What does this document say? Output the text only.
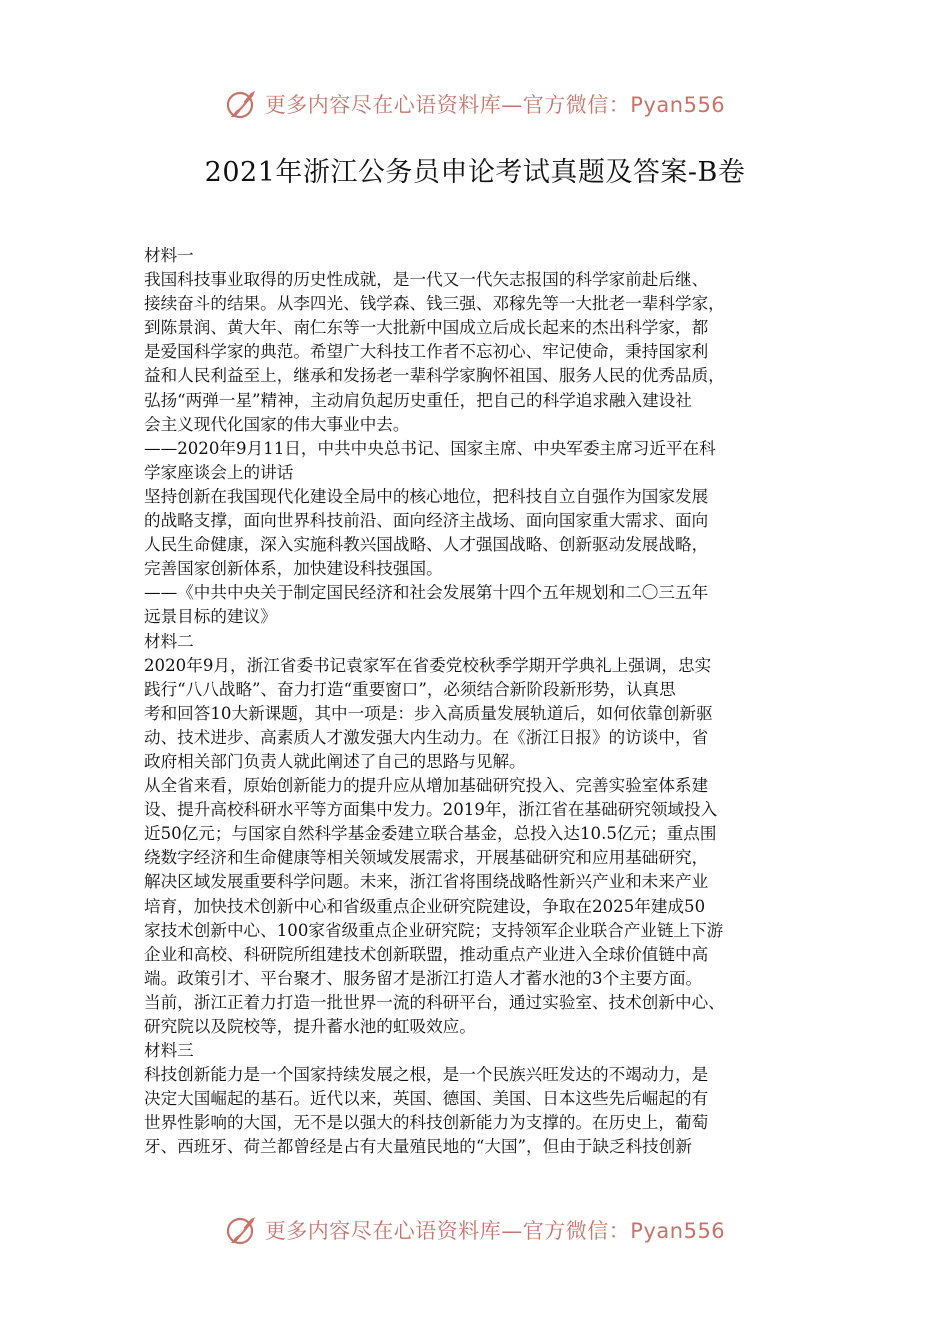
更多内容尽在心语资料库—官方微信：Pyan556
2021年浙江公务员申论考试真题及答案-B卷
材料一
我国科技事业取得的历史性成就，是一代又一代矢志报国的科学家前赴后继、
接续奋斗的结果。从李四光、钱学森、钱三强、邓稼先等一大批老一辈科学家，
到陈景润、黄大年、南仁东等一大批新中国成立后成长起来的杰出科学家，都
是爱国科学家的典范。希望广大科技工作者不忘初心、牢记使命，秉持国家利
益和人民利益至上，继承和发扬老一辈科学家胸怀祖国、服务人民的优秀品质，
弘扬“两弹一星”精神，主动肩负起历史重任，把自己的科学追求融入建设社
会主义现代化国家的伟大事业中去。
——2020年9月11日，中共中央总书记、国家主席、中央军委主席习近平在科
学家座谈会上的讲话
坚持创新在我国现代化建设全局中的核心地位，把科技自立自强作为国家发展
的战略支撑，面向世界科技前沿、面向经济主战场、面向国家重大需求、面向
人民生命健康，深入实施科教兴国战略、人才强国战略、创新驱动发展战略，
完善国家创新体系，加快建设科技强国。
——《中共中央关于制定国民经济和社会发展第十四个五年规划和二〇三五年
远景目标的建议》
材料二
2020年9月，浙江省委书记袁家军在省委党校秋季学期开学典礼上强调，忠实
践行“八八战略”、奋力打造“重要窗口”，必须结合新阶段新形势，认真思
考和回答10大新课题，其中一项是：步入高质量发展轨道后，如何依靠创新驱
动、技术进步、高素质人才激发强大内生动力。在《浙江日报》的访谈中，省
政府相关部门负责人就此阐述了自己的思路与见解。
从全省来看，原始创新能力的提升应从增加基础研究投入、完善实验室体系建
设、提升高校科研水平等方面集中发力。2019年，浙江省在基础研究领域投入
近50亿元；与国家自然科学基金委建立联合基金，总投入达10.5亿元；重点围
绕数字经济和生命健康等相关领域发展需求，开展基础研究和应用基础研究，
解决区域发展重要科学问题。未来，浙江省将围绕战略性新兴产业和未来产业
培育，加快技术创新中心和省级重点企业研究院建设，争取在2025年建成50
家技术创新中心、100家省级重点企业研究院；支持领军企业联合产业链上下游
企业和高校、科研院所组建技术创新联盟，推动重点产业进入全球价值链中高
端。政策引才、平台聚才、服务留才是浙江打造人才蓄水池的3个主要方面。
当前，浙江正着力打造一批世界一流的科研平台，通过实验室、技术创新中心、
研究院以及院校等，提升蓄水池的虹吸效应。
材料三
科技创新能力是一个国家持续发展之根，是一个民族兴旺发达的不竭动力，是
决定大国崛起的基石。近代以来，英国、德国、美国、日本这些先后崛起的有
世界性影响的大国，无不是以强大的科技创新能力为支撑的。在历史上，葡萄
牙、西班牙、荷兰都曾经是占有大量殖民地的“大国”，但由于缺乏科技创新
更多内容尽在心语资料库—官方微信：Pyan556
